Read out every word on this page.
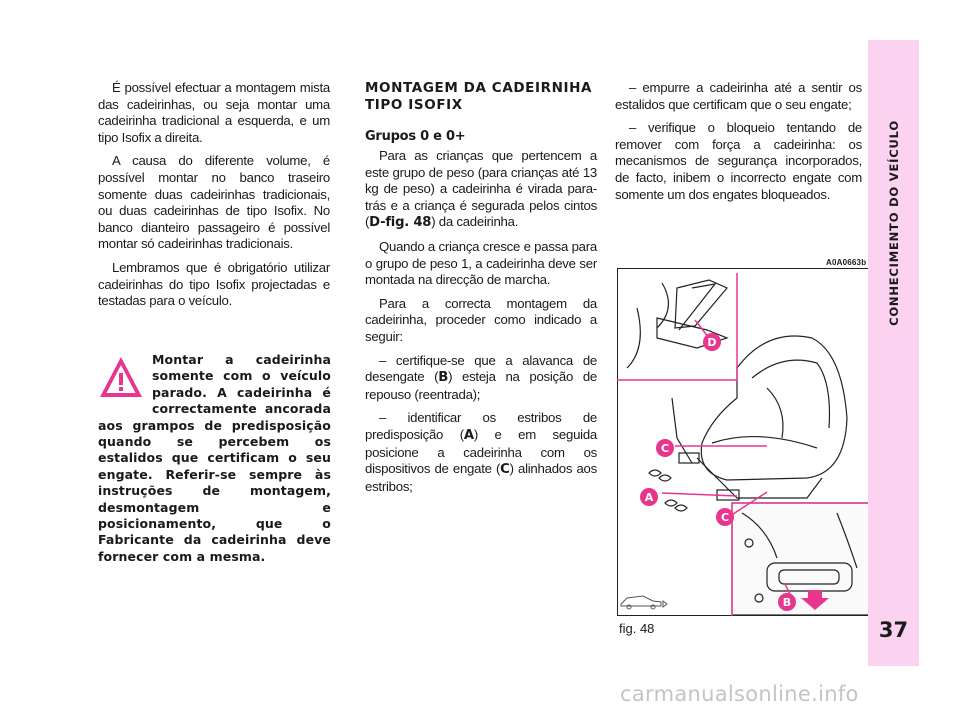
É possível efectuar a montagem mista das cadeirinhas, ou seja montar uma cadeirinha tradicional a esquerda, e um tipo Isofix a direita.

A causa do diferente volume, é possível montar no banco traseiro somente duas cadeirinhas tradicionais, ou duas cadeirinhas de tipo Isofix. No banco dianteiro passageiro é possível montar só cadeirinhas tradicionais.

Lembramos que é obrigatório utilizar cadeirinhas do tipo Isofix projectadas e testadas para o veículo.

Montar a cadeirinha somente com o veículo parado. A cadeirinha é correctamente ancorada aos grampos de predisposição quando se percebem os estalidos que certificam o seu engate. Referir-se sempre às instruções de montagem, desmontagem e posicionamento, que o Fabricante da cadeirinha deve fornecer com a mesma.
MONTAGEM DA CADEIRNIHA TIPO ISOFIX
Grupos 0 e 0+

Para as crianças que pertencem a este grupo de peso (para crianças até 13 kg de peso) a cadeirinha é virada para-trás e a criança é segurada pelos cintos (D-fig. 48) da cadeirinha.

Quando a criança cresce e passa para o grupo de peso 1, a cadeirinha deve ser montada na direcção de marcha.

Para a correcta montagem da cadeirinha, proceder como indicado a seguir:

– certifique-se que a alavanca de desengate (B) esteja na posição de repouso (reentrada);

– identificar os estribos de predisposição (A) e em seguida posicione a cadeirinha com os dispositivos de engate (C) alinhados aos estribos;

– empurre a cadeirinha até a sentir os estalidos que certificam que o seu engate;

– verifique o bloqueio tentando de remover com força a cadeirinha: os mecanismos de segurança incorporados, de facto, inibem o incorrecto engate com somente um dos engates bloqueados.

A0A0663b
D
C
A
C
B
fig. 48
CONHECIMENTO DO VEÍCULO
37
carmanualsonline.info
